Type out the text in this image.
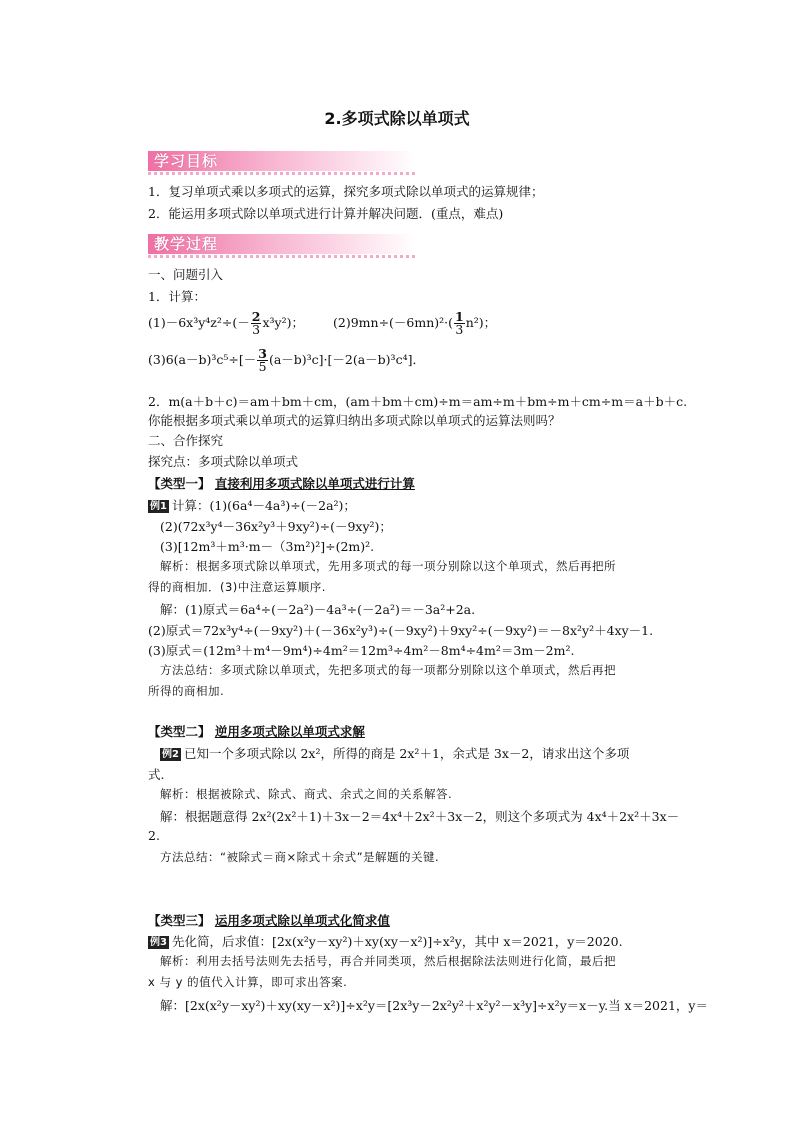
2.多项式除以单项式
学习目标
1．复习单项式乘以多项式的运算，探究多项式除以单项式的运算规律；
2．能运用多项式除以单项式进行计算并解决问题．(重点，难点)
教学过程
一、问题引入
1．计算：
$(1)-6x^3y^4z^2\div(- \frac{2}{3} x^3y^2)$； $(2)9mn\div(-6mn)^2\cdot( \frac{1}{3} n^2)$；
$(3)6(a-b)^3c^5\div[- \frac{3}{5} (a-b)^3c]\cdot[-2(a-b)^3c^4]$．
2．m(a＋b＋c)＝am＋bm＋cm，(am＋bm＋cm)÷m＝am÷m＋bm÷m＋cm÷m＝a＋b＋c.
你能根据多项式乘以单项式的运算归纳出多项式除以单项式的运算法则吗？
二、合作探究
探究点：多项式除以单项式
【类型一】 直接利用多项式除以单项式进行计算
例1 计算：(1)(6a⁴－4a³)÷(－2a²)；
(2)(72x³y⁴－36x²y³＋9xy²)÷(－9xy²)；
(3)[12m³＋m³·m－（3m²)²]÷(2m)².
解析：根据多项式除以单项式，先用多项式的每一项分别除以这个单项式，然后再把所
得的商相加．(3)中注意运算顺序.
解：(1)原式＝6a⁴÷(－2a²)－4a³÷(－2a²)＝－3a²+2a.
(2)原式＝72x³y⁴÷(－9xy²)＋(－36x²y³)÷(－9xy²)＋9xy²÷(－9xy²)＝－8x²y²＋4xy－1.
(3)原式＝(12m³＋m⁴－9m⁴)÷4m²＝12m³÷4m²－8m⁴÷4m²＝3m－2m².
方法总结：多项式除以单项式，先把多项式的每一项都分别除以这个单项式，然后再把
所得的商相加.
【类型二】 逆用多项式除以单项式求解
例2 已知一个多项式除以 2x²，所得的商是 2x²＋1，余式是 3x－2，请求出这个多项
式.
解析：根据被除式、除式、商式、余式之间的关系解答.
解：根据题意得 2x²(2x²＋1)＋3x－2＝4x⁴＋2x²＋3x－2，则这个多项式为 4x⁴＋2x²＋3x－
2.
方法总结：“被除式＝商×除式＋余式”是解题的关键.
【类型三】 运用多项式除以单项式化简求值
例3 先化简，后求值：[2x(x²y－xy²)＋xy(xy－x²)]÷x²y，其中 x＝2021，y＝2020.
解析：利用去括号法则先去括号，再合并同类项，然后根据除法法则进行化简，最后把
x 与 y 的值代入计算，即可求出答案.
解：[2x(x²y－xy²)＋xy(xy－x²)]÷x²y＝[2x³y－2x²y²＋x²y²－x³y]÷x²y＝x－y.当 x＝2021，y＝
